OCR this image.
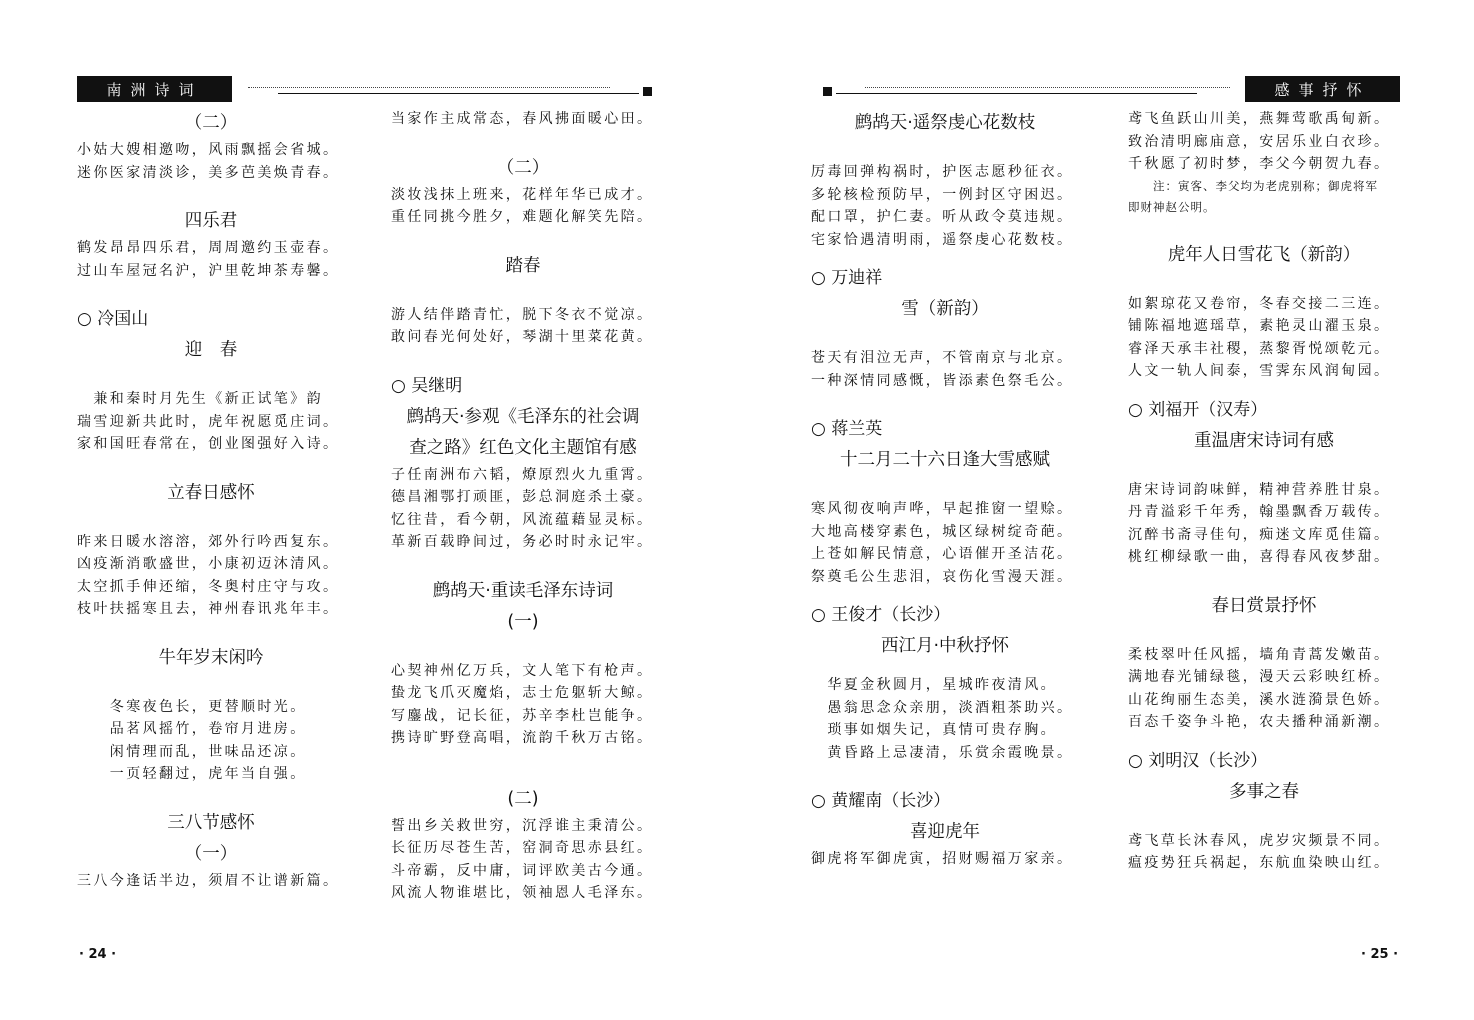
南洲诗词
（二）
小姑大嫂相邀吻，风雨飘摇会省城。
迷你医家清淡诊，美多芭美焕青春。
四乐君
鹤发昂昂四乐君，周周邀约玉壶春。
过山车屋冠名沪，沪里乾坤茶寿馨。
○ 冷国山
迎　春
　兼和秦时月先生《新正试笔》韵
瑞雪迎新共此时，虎年祝愿觅庄词。
家和国旺春常在，创业图强好入诗。
立春日感怀
昨来日暖水溶溶，郊外行吟西复东。
凶疫渐消歌盛世，小康初迈沐清风。
太空抓手伸还缩，冬奥村庄守与攻。
枝叶扶摇寒且去，神州春讯兆年丰。
牛年岁末闲吟
　　冬寒夜色长，更替顺时光。
　　品茗风摇竹，卷帘月进房。
　　闲情理而乱，世味品还凉。
　　一页轻翻过，虎年当自强。
三八节感怀
（一）
三八今逢话半边，须眉不让谱新篇。
当家作主成常态，春风拂面暖心田。
（二）
淡妆浅抹上班来，花样年华已成才。
重任同挑今胜夕，难题化解笑先陪。
踏春
游人结伴踏青忙，脱下冬衣不觉凉。
敢问春光何处好，琴湖十里菜花黄。
○ 吴继明
鹧鸪天·参观《毛泽东的社会调
查之路》红色文化主题馆有感
子任南洲布六韬，燎原烈火九重霄。
德昌湘鄂打顽匪，彭总洞庭杀土豪。
忆往昔，看今朝，风流蕴藉显灵标。
革新百载睁间过，务必时时永记牢。
鹧鸪天·重读毛泽东诗词
(一)
心契神州亿万兵，文人笔下有枪声。
蛰龙飞爪灭魔焰，志士危躯斩大鲸。
写鏖战，记长征，苏辛李杜岂能争。
携诗旷野登高唱，流韵千秋万古铭。
(二)
誓出乡关救世穷，沉浮谁主秉清公。
长征历尽苍生苦，窑洞奇思赤县红。
斗帝霸，反中庸，词评欧美古今通。
风流人物谁堪比，领袖恩人毛泽东。
· 24 ·
感事抒怀
鹧鸪天·遥祭虔心花数枝
厉毒回弹构祸时，护医志愿秒征衣。
多轮核检预防早，一例封区守困迟。
配口罩，护仁妻。听从政令莫违规。
宅家恰遇清明雨，遥祭虔心花数枝。
○ 万迪祥
雪（新韵）
苍天有泪泣无声，不管南京与北京。
一种深情同感慨，皆添素色祭毛公。
○ 蒋兰英
十二月二十六日逢大雪感赋
寒风彻夜响声哗，早起推窗一望赊。
大地高楼穿素色，城区绿树绽奇葩。
上苍如解民情意，心语催开圣洁花。
祭奠毛公生悲泪，哀伤化雪漫天涯。
○ 王俊才（长沙）
西江月·中秋抒怀
　华夏金秋圆月，星城昨夜清风。
　愚翁思念众亲朋，淡酒粗茶助兴。
　琐事如烟失记，真情可贵存胸。
　黄昏路上忌凄清，乐赏余霞晚景。
○ 黄耀南（长沙）
喜迎虎年
御虎将军御虎寅，招财赐福万家亲。
鸢飞鱼跃山川美，燕舞莺歌禹甸新。
致治清明廊庙意，安居乐业白衣珍。
千秋愿了初时梦，李父今朝贺九春。
　　注：寅客、李父均为老虎别称；御虎将军
即财神赵公明。
虎年人日雪花飞（新韵）
如絮琼花又卷帘，冬春交接二三连。
铺陈福地遮瑶草，素艳灵山濯玉泉。
睿泽天承丰社稷，蒸黎胥悦颂乾元。
人文一轨人间泰，雪霁东风润甸园。
○ 刘福开（汉寿）
重温唐宋诗词有感
唐宋诗词韵味鲜，精神营养胜甘泉。
丹青溢彩千年秀，翰墨飘香万载传。
沉醉书斋寻佳句，痴迷文库觅佳篇。
桃红柳绿歌一曲，喜得春风夜梦甜。
春日赏景抒怀
柔枝翠叶任风摇，墙角青蒿发嫩苗。
满地春光铺绿毯，漫天云彩映红桥。
山花绚丽生态美，溪水涟漪景色娇。
百态千姿争斗艳，农夫播种涌新潮。
○ 刘明汉（长沙）
多事之春
鸢飞草长沐春风，虎岁灾频景不同。
瘟疫势狂兵祸起，东航血染映山红。
· 25 ·
